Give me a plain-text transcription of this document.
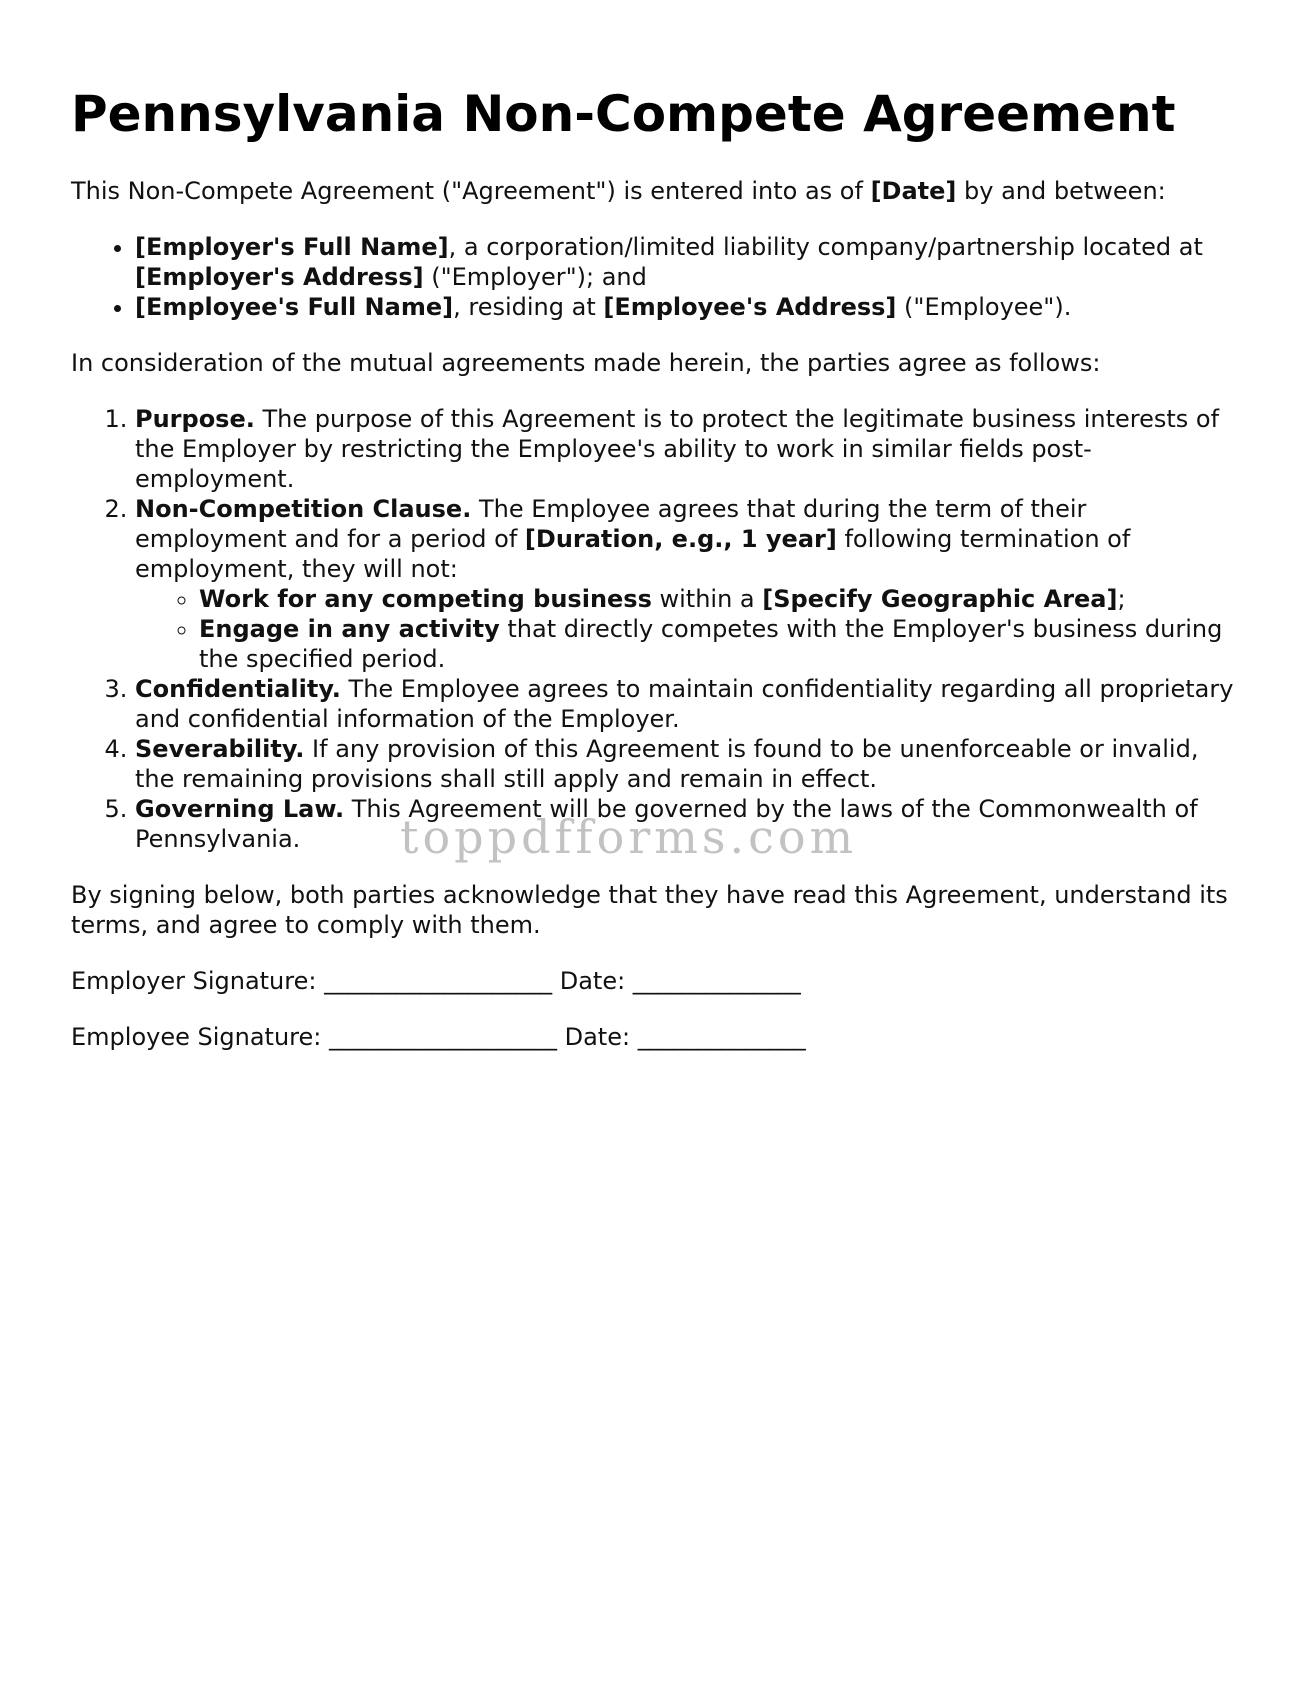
Pennsylvania Non-Compete Agreement

This Non-Compete Agreement ("Agreement") is entered into as of [Date] by and between:

• [Employer's Full Name], a corporation/limited liability company/partnership located at [Employer's Address] ("Employer"); and
• [Employee's Full Name], residing at [Employee's Address] ("Employee").

In consideration of the mutual agreements made herein, the parties agree as follows:

1. Purpose. The purpose of this Agreement is to protect the legitimate business interests of the Employer by restricting the Employee's ability to work in similar fields post-employment.
2. Non-Competition Clause. The Employee agrees that during the term of their employment and for a period of [Duration, e.g., 1 year] following termination of employment, they will not:
◦ Work for any competing business within a [Specify Geographic Area];
◦ Engage in any activity that directly competes with the Employer's business during the specified period.
3. Confidentiality. The Employee agrees to maintain confidentiality regarding all proprietary and confidential information of the Employer.
4. Severability. If any provision of this Agreement is found to be unenforceable or invalid, the remaining provisions shall still apply and remain in effect.
5. Governing Law. This Agreement will be governed by the laws of the Commonwealth of Pennsylvania.

By signing below, both parties acknowledge that they have read this Agreement, understand its terms, and agree to comply with them.

Employer Signature: ___________________ Date: ______________

Employee Signature: ___________________ Date: ______________

toppdfforms.com
